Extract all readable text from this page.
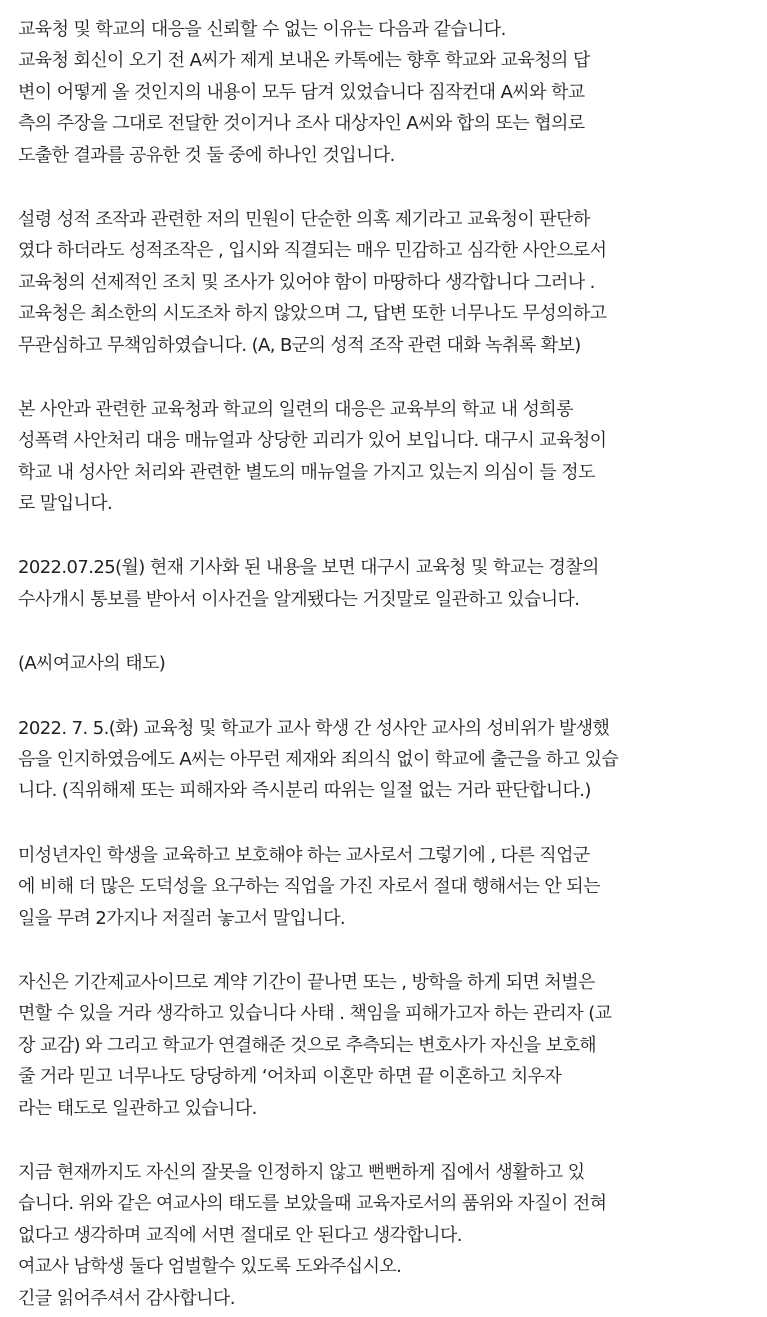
교육청 및 학교의 대응을 신뢰할 수 없는 이유는 다음과 같습니다.
교육청 회신이 오기 전 A씨가 제게 보내온 카톡에는 향후 학교와 교육청의 답
변이 어떻게 올 것인지의 내용이 모두 담겨 있었습니다 짐작컨대 A씨와 학교
측의 주장을 그대로 전달한 것이거나 조사 대상자인 A씨와 합의 또는 협의로
도출한 결과를 공유한 것 둘 중에 하나인 것입니다.
설령 성적 조작과 관련한 저의 민원이 단순한 의혹 제기라고 교육청이 판단하
였다 하더라도 성적조작은 , 입시와 직결되는 매우 민감하고 심각한 사안으로서
교육청의 선제적인 조치 및 조사가 있어야 함이 마땅하다 생각합니다 그러나 .
교육청은 최소한의 시도조차 하지 않았으며 그, 답변 또한 너무나도 무성의하고
무관심하고 무책임하였습니다. (A, B군의 성적 조작 관련 대화 녹취록 확보)
본 사안과 관련한 교육청과 학교의 일련의 대응은 교육부의 학교 내 성희롱
성폭력 사안처리 대응 매뉴얼과 상당한 괴리가 있어 보입니다. 대구시 교육청이
학교 내 성사안 처리와 관련한 별도의 매뉴얼을 가지고 있는지 의심이 들 정도
로 말입니다.
2022.07.25(월) 현재 기사화 된 내용을 보면 대구시 교육청 및 학교는 경찰의
수사개시 통보를 받아서 이사건을 알게됐다는 거짓말로 일관하고 있습니다.
(A씨여교사의 태도)
2022. 7. 5.(화) 교육청 및 학교가 교사 학생 간 성사안 교사의 성비위가 발생했
음을 인지하였음에도 A씨는 아무런 제재와 죄의식 없이 학교에 출근을 하고 있습
니다. (직위해제 또는 피해자와 즉시분리 따위는 일절 없는 거라 판단합니다.)
미성년자인 학생을 교육하고 보호해야 하는 교사로서 그렇기에 , 다른 직업군
에 비해 더 많은 도덕성을 요구하는 직업을 가진 자로서 절대 행해서는 안 되는
일을 무려 2가지나 저질러 놓고서 말입니다.
자신은 기간제교사이므로 계약 기간이 끝나면 또는 , 방학을 하게 되면 처벌은
면할 수 있을 거라 생각하고 있습니다 사태 . 책임을 피해가고자 하는 관리자 (교
장 교감) 와 그리고 학교가 연결해준 것으로 추측되는 변호사가 자신을 보호해
줄 거라 믿고 너무나도 당당하게 ‘어차피 이혼만 하면 끝 이혼하고 치우자
라는 태도로 일관하고 있습니다.
지금 현재까지도 자신의 잘못을 인정하지 않고 뻔뻔하게 집에서 생활하고 있
습니다. 위와 같은 여교사의 태도를 보았을때 교육자로서의 품위와 자질이 전혀
없다고 생각하며 교직에 서면 절대로 안 된다고 생각합니다.
여교사 남학생 둘다 엄벌할수 있도록 도와주십시오.
긴글 읽어주셔서 감사합니다.
